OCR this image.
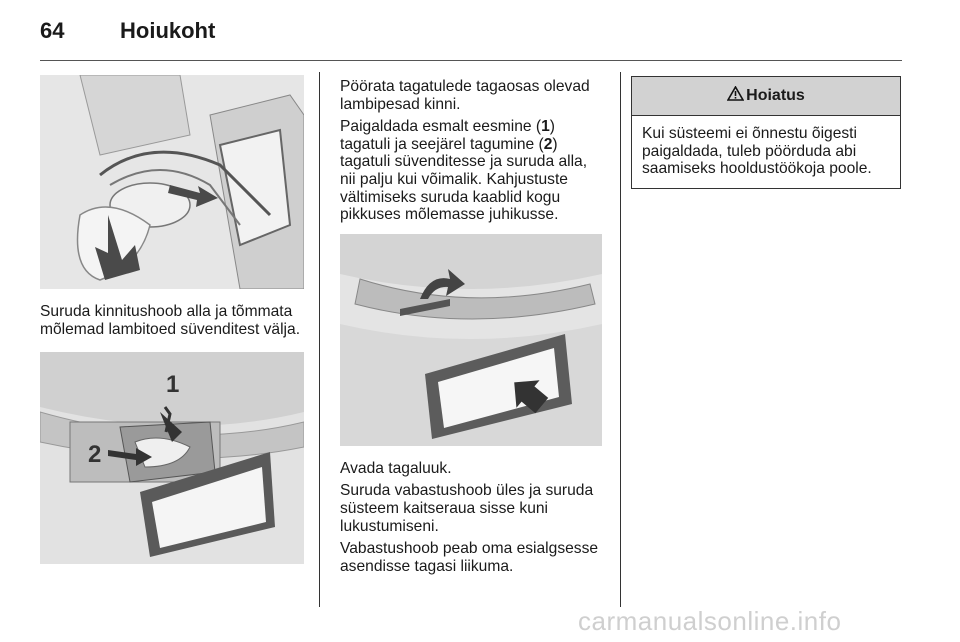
64	Hoiukoht

Suruda kinnitushoob alla ja tõmmata mõlemad lambitoed süvenditest välja.

1
2

Pöörata tagatulede tagaosas olevad lambipesad kinni.

Paigaldada esmalt eesmine (1) tagatuli ja seejärel tagumine (2) tagatuli süvenditesse ja suruda alla, nii palju kui võimalik. Kahjustuste vältimiseks suruda kaablid kogu pikkuses mõlemasse juhikusse.

Avada tagaluuk.

Suruda vabastushoob üles ja suruda süsteem kaitseraua sisse kuni lukustumiseni.

Vabastushoob peab oma esialgsesse asendisse tagasi liikuma.

Hoiatus
Kui süsteemi ei õnnestu õigesti paigaldada, tuleb pöörduda abi saamiseks hooldustöökoja poole.
carmanualsonline.info
